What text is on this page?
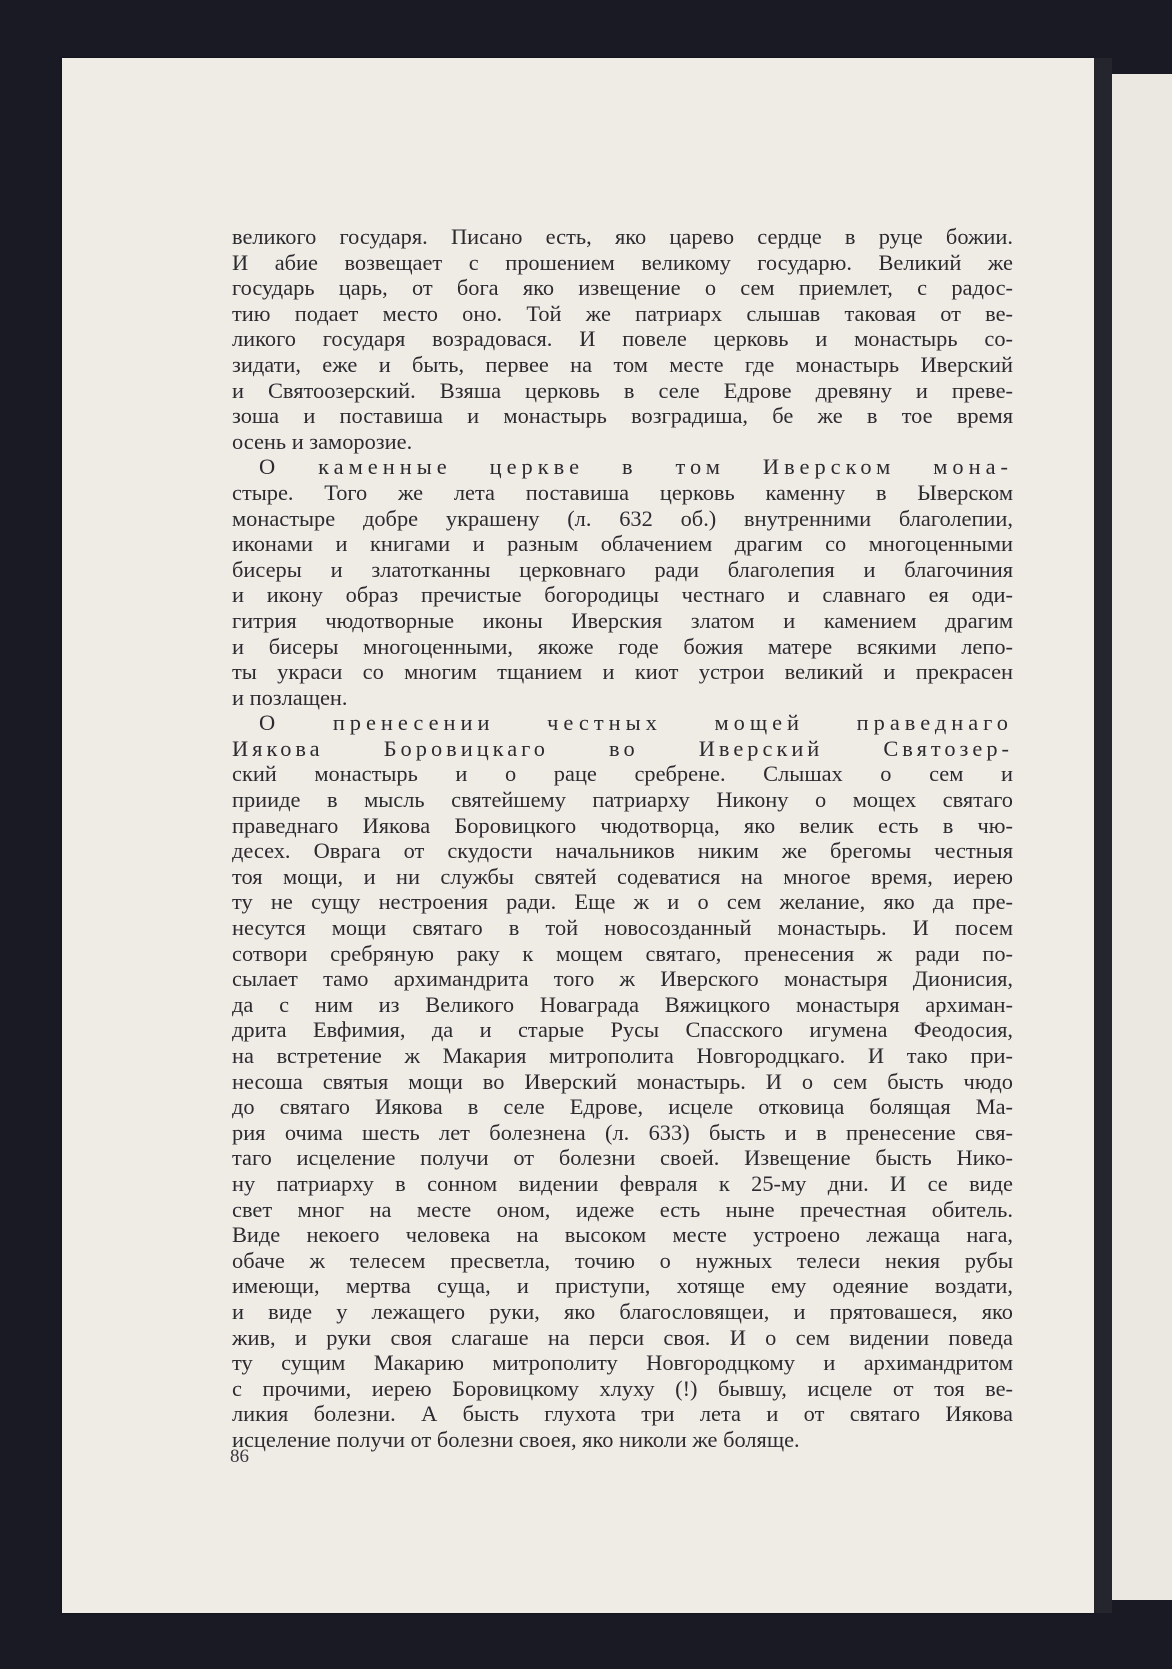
великого государя. Писано есть, яко царево сердце в руце божии.
И абие возвещает с прошением великому государю. Великий же
государь царь, от бога яко извещение о сем приемлет, с радос-
тию подает место оно. Той же патриарх слышав таковая от ве-
ликого государя возрадовася. И повеле церковь и монастырь со-
зидати, еже и быть, первее на том месте где монастырь Иверский
и Святоозерский. Взяша церковь в селе Едрове древяну и превe-
зоша и поставиша и монастырь возградиша, бе же в тое время
осень и заморозие.
О каменные церкве в том Иверском мона-
стыре. Того же лета поставиша церковь каменну в Ыверском
монастыре добре украшену (л. 632 об.) внутренними благолепии,
иконами и книгами и разным облачением драгим со многоценными
бисеры и златотканны церковнаго ради благолепия и благочиния
и икону образ пречистые богородицы честнаго и славнаго ея оди-
гитрия чюдотворные иконы Иверския златом и камением драгим
и бисеры многоценными, якоже годе божия матере всякими лепо-
ты украси со многим тщанием и киот устрои великий и прекрасен
и позлащен.
О пренесении честных мощей праведнаго
Иякова Боровицкаго во Иверский Святозер-
ский монастырь и о раце сребрене. Слышах о сем и
прииде в мысль святейшему патриарху Никону о мощех святаго
праведнаго Иякова Боровицкого чюдотворца, яко велик есть в чю-
десех. Оврага от скудости начальников никим же брегомы честныя
тоя мощи, и ни службы святей содеватися на многое время, иерею
ту не сущу нестроения ради. Еще ж и о сем желание, яко да пре-
несутся мощи святаго в той новосозданный монастырь. И посем
сотвори сребряную раку к мощем святаго, пренесения ж ради по-
сылает тамо архимандрита того ж Иверского монастыря Дионисия,
да с ним из Великого Новаграда Вяжицкого монастыря архиман-
дрита Евфимия, да и старые Русы Спасского игумена Феодосия,
на встретение ж Макария митрополита Новгородцкаго. И тако при-
несоша святыя мощи во Иверский монастырь. И о сем бысть чюдо
до святаго Иякова в селе Едрове, исцеле отковица болящая Ма-
рия очима шесть лет болезнена (л. 633) бысть и в пренесение свя-
таго исцеление получи от болезни своей. Извещение бысть Нико-
ну патриарху в сонном видении февраля к 25-му дни. И се виде
свет мног на месте оном, идеже есть ныне пречестная обитель.
Виде некоего человека на высоком месте устроено лежаща нага,
обаче ж телесем пресветла, точию о нужных телеси некия рубы
имеющи, мертва суща, и приступи, хотяще ему одеяние воздати,
и виде у лежащего руки, яко благословящеи, и прятовашеся, яко
жив, и руки своя слагаше на перси своя. И о сем видении поведа
ту сущим Макарию митрополиту Новгородцкому и архимандритом
с прочими, иерею Боровицкому хлуху (!) бывшу, исцеле от тоя ве-
ликия болезни. А бысть глухота три лета и от святаго Иякова
исцеление получи от болезни своея, яко николи же боляще.
86
